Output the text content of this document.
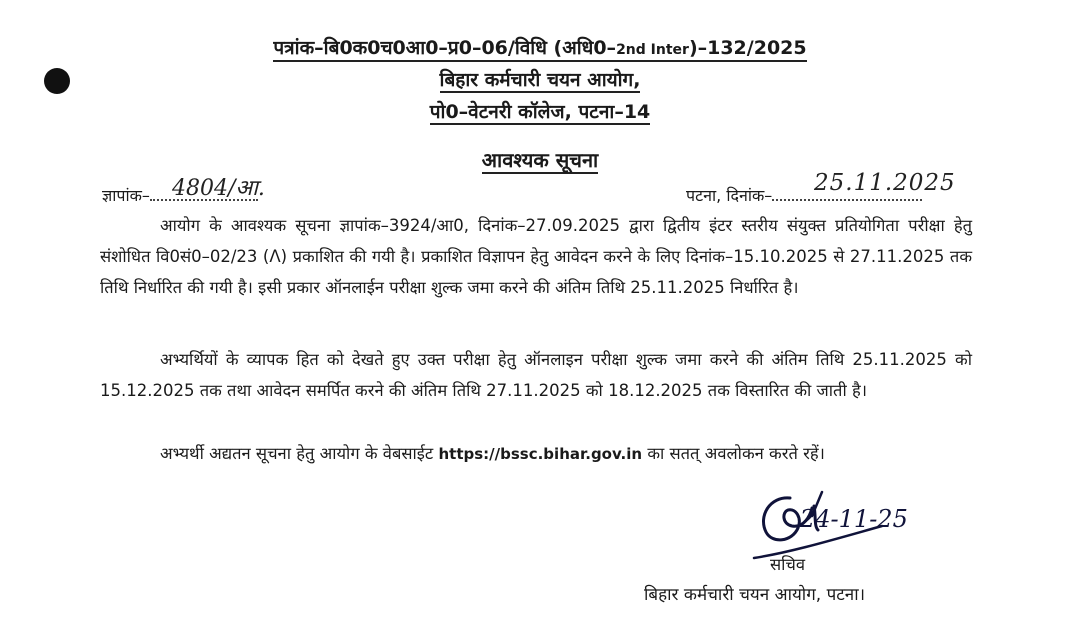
पत्रांक–बि0क0च0आ0–प्र0–06/विधि (अधि0–2nd Inter)–132/2025
बिहार कर्मचारी चयन आयोग,
पो0–वेटनरी कॉलेज, पटना–14
आवश्यक सूचना
ज्ञापांक– 4804/आ.	पटना, दिनांक– 25.11.2025
आयोग के आवश्यक सूचना ज्ञापांक–3924/आ0, दिनांक–27.09.2025 द्वारा द्वितीय इंटर स्तरीय संयुक्त प्रतियोगिता परीक्षा हेतु संशोधित वि0सं0–02/23 (Λ) प्रकाशित की गयी है। प्रकाशित विज्ञापन हेतु आवेदन करने के लिए दिनांक–15.10.2025 से 27.11.2025 तक तिथि निर्धारित की गयी है। इसी प्रकार ऑनलाईन परीक्षा शुल्क जमा करने की अंतिम तिथि 25.11.2025 निर्धारित है।
अभ्यर्थियों के व्यापक हित को देखते हुए उक्त परीक्षा हेतु ऑनलाइन परीक्षा शुल्क जमा करने की अंतिम तिथि 25.11.2025 को 15.12.2025 तक तथा आवेदन समर्पित करने की अंतिम तिथि 27.11.2025 को 18.12.2025 तक विस्तारित की जाती है।
अभ्यर्थी अद्यतन सूचना हेतु आयोग के वेबसाईट https://bssc.bihar.gov.in का सतत् अवलोकन करते रहें।
24-11-25
सचिव
बिहार कर्मचारी चयन आयोग, पटना।
